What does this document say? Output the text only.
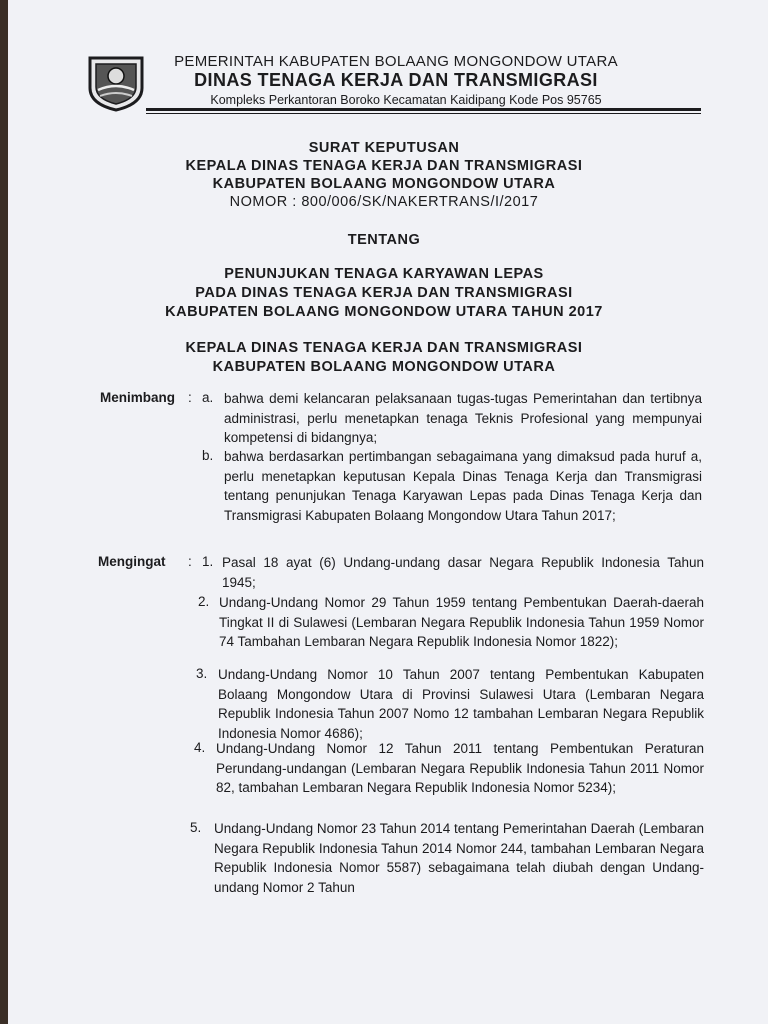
PEMERINTAH KABUPATEN BOLAANG MONGONDOW UTARA
DINAS TENAGA KERJA DAN TRANSMIGRASI
Kompleks Perkantoran Boroko Kecamatan Kaidipang Kode Pos 95765
SURAT KEPUTUSAN
KEPALA DINAS TENAGA KERJA DAN TRANSMIGRASI
KABUPATEN BOLAANG MONGONDOW UTARA
NOMOR : 800/006/SK/NAKERTRANS/I/2017
TENTANG
PENUNJUKAN TENAGA KARYAWAN LEPAS
PADA DINAS TENAGA KERJA DAN TRANSMIGRASI
KABUPATEN BOLAANG MONGONDOW UTARA TAHUN 2017
KEPALA DINAS TENAGA KERJA DAN TRANSMIGRASI
KABUPATEN BOLAANG MONGONDOW UTARA
Menimbang : a. bahwa demi kelancaran pelaksanaan tugas-tugas Pemerintahan dan tertibnya administrasi, perlu menetapkan tenaga Teknis Profesional yang mempunyai kompetensi di bidangnya;
b. bahwa berdasarkan pertimbangan sebagaimana yang dimaksud pada huruf a, perlu menetapkan keputusan Kepala Dinas Tenaga Kerja dan Transmigrasi tentang penunjukan Tenaga Karyawan Lepas pada Dinas Tenaga Kerja dan Transmigrasi Kabupaten Bolaang Mongondow Utara Tahun 2017;
Mengingat : 1. Pasal 18 ayat (6) Undang-undang dasar Negara Republik Indonesia Tahun 1945;
2. Undang-Undang Nomor 29 Tahun 1959 tentang Pembentukan Daerah-daerah Tingkat II di Sulawesi (Lembaran Negara Republik Indonesia Tahun 1959 Nomor 74 Tambahan Lembaran Negara Republik Indonesia Nomor 1822);
3. Undang-Undang Nomor 10 Tahun 2007 tentang Pembentukan Kabupaten Bolaang Mongondow Utara di Provinsi Sulawesi Utara (Lembaran Negara Republik Indonesia Tahun 2007 Nomo 12 tambahan Lembaran Negara Republik Indonesia Nomor 4686);
4. Undang-Undang Nomor 12 Tahun 2011 tentang Pembentukan Peraturan Perundang-undangan (Lembaran Negara Republik Indonesia Tahun 2011 Nomor 82, tambahan Lembaran Negara Republik Indonesia Nomor 5234);
5. Undang-Undang Nomor 23 Tahun 2014 tentang Pemerintahan Daerah (Lembaran Negara Republik Indonesia Tahun 2014 Nomor 244, tambahan Lembaran Negara Republik Indonesia Nomor 5587) sebagaimana telah diubah dengan Undang-undang Nomor 2 Tahun
